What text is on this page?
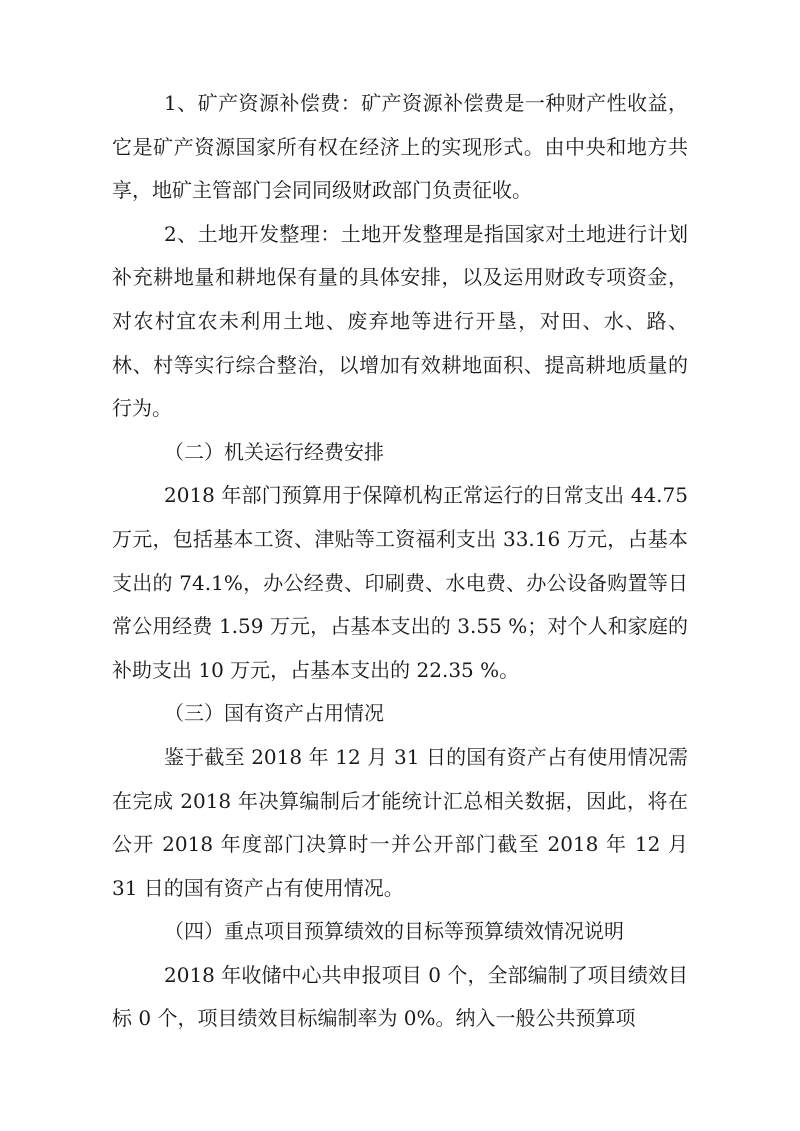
1、矿产资源补偿费：矿产资源补偿费是一种财产性收益，它是矿产资源国家所有权在经济上的实现形式。由中央和地方共享，地矿主管部门会同同级财政部门负责征收。

2、土地开发整理：土地开发整理是指国家对土地进行计划补充耕地量和耕地保有量的具体安排，以及运用财政专项资金，对农村宜农未利用土地、废弃地等进行开垦，对田、水、路、林、村等实行综合整治，以增加有效耕地面积、提高耕地质量的行为。

（二）机关运行经费安排

2018 年部门预算用于保障机构正常运行的日常支出 44.75 万元，包括基本工资、津贴等工资福利支出 33.16 万元，占基本支出的 74.1%，办公经费、印刷费、水电费、办公设备购置等日常公用经费 1.59 万元，占基本支出的 3.55 %；对个人和家庭的补助支出 10 万元，占基本支出的 22.35 %。

（三）国有资产占用情况

鉴于截至 2018 年 12 月 31 日的国有资产占有使用情况需在完成 2018 年决算编制后才能统计汇总相关数据，因此，将在公开 2018 年度部门决算时一并公开部门截至 2018 年 12 月 31 日的国有资产占有使用情况。

（四）重点项目预算绩效的目标等预算绩效情况说明

2018 年收储中心共申报项目 0 个，全部编制了项目绩效目标 0 个，项目绩效目标编制率为 0%。纳入一般公共预算项
